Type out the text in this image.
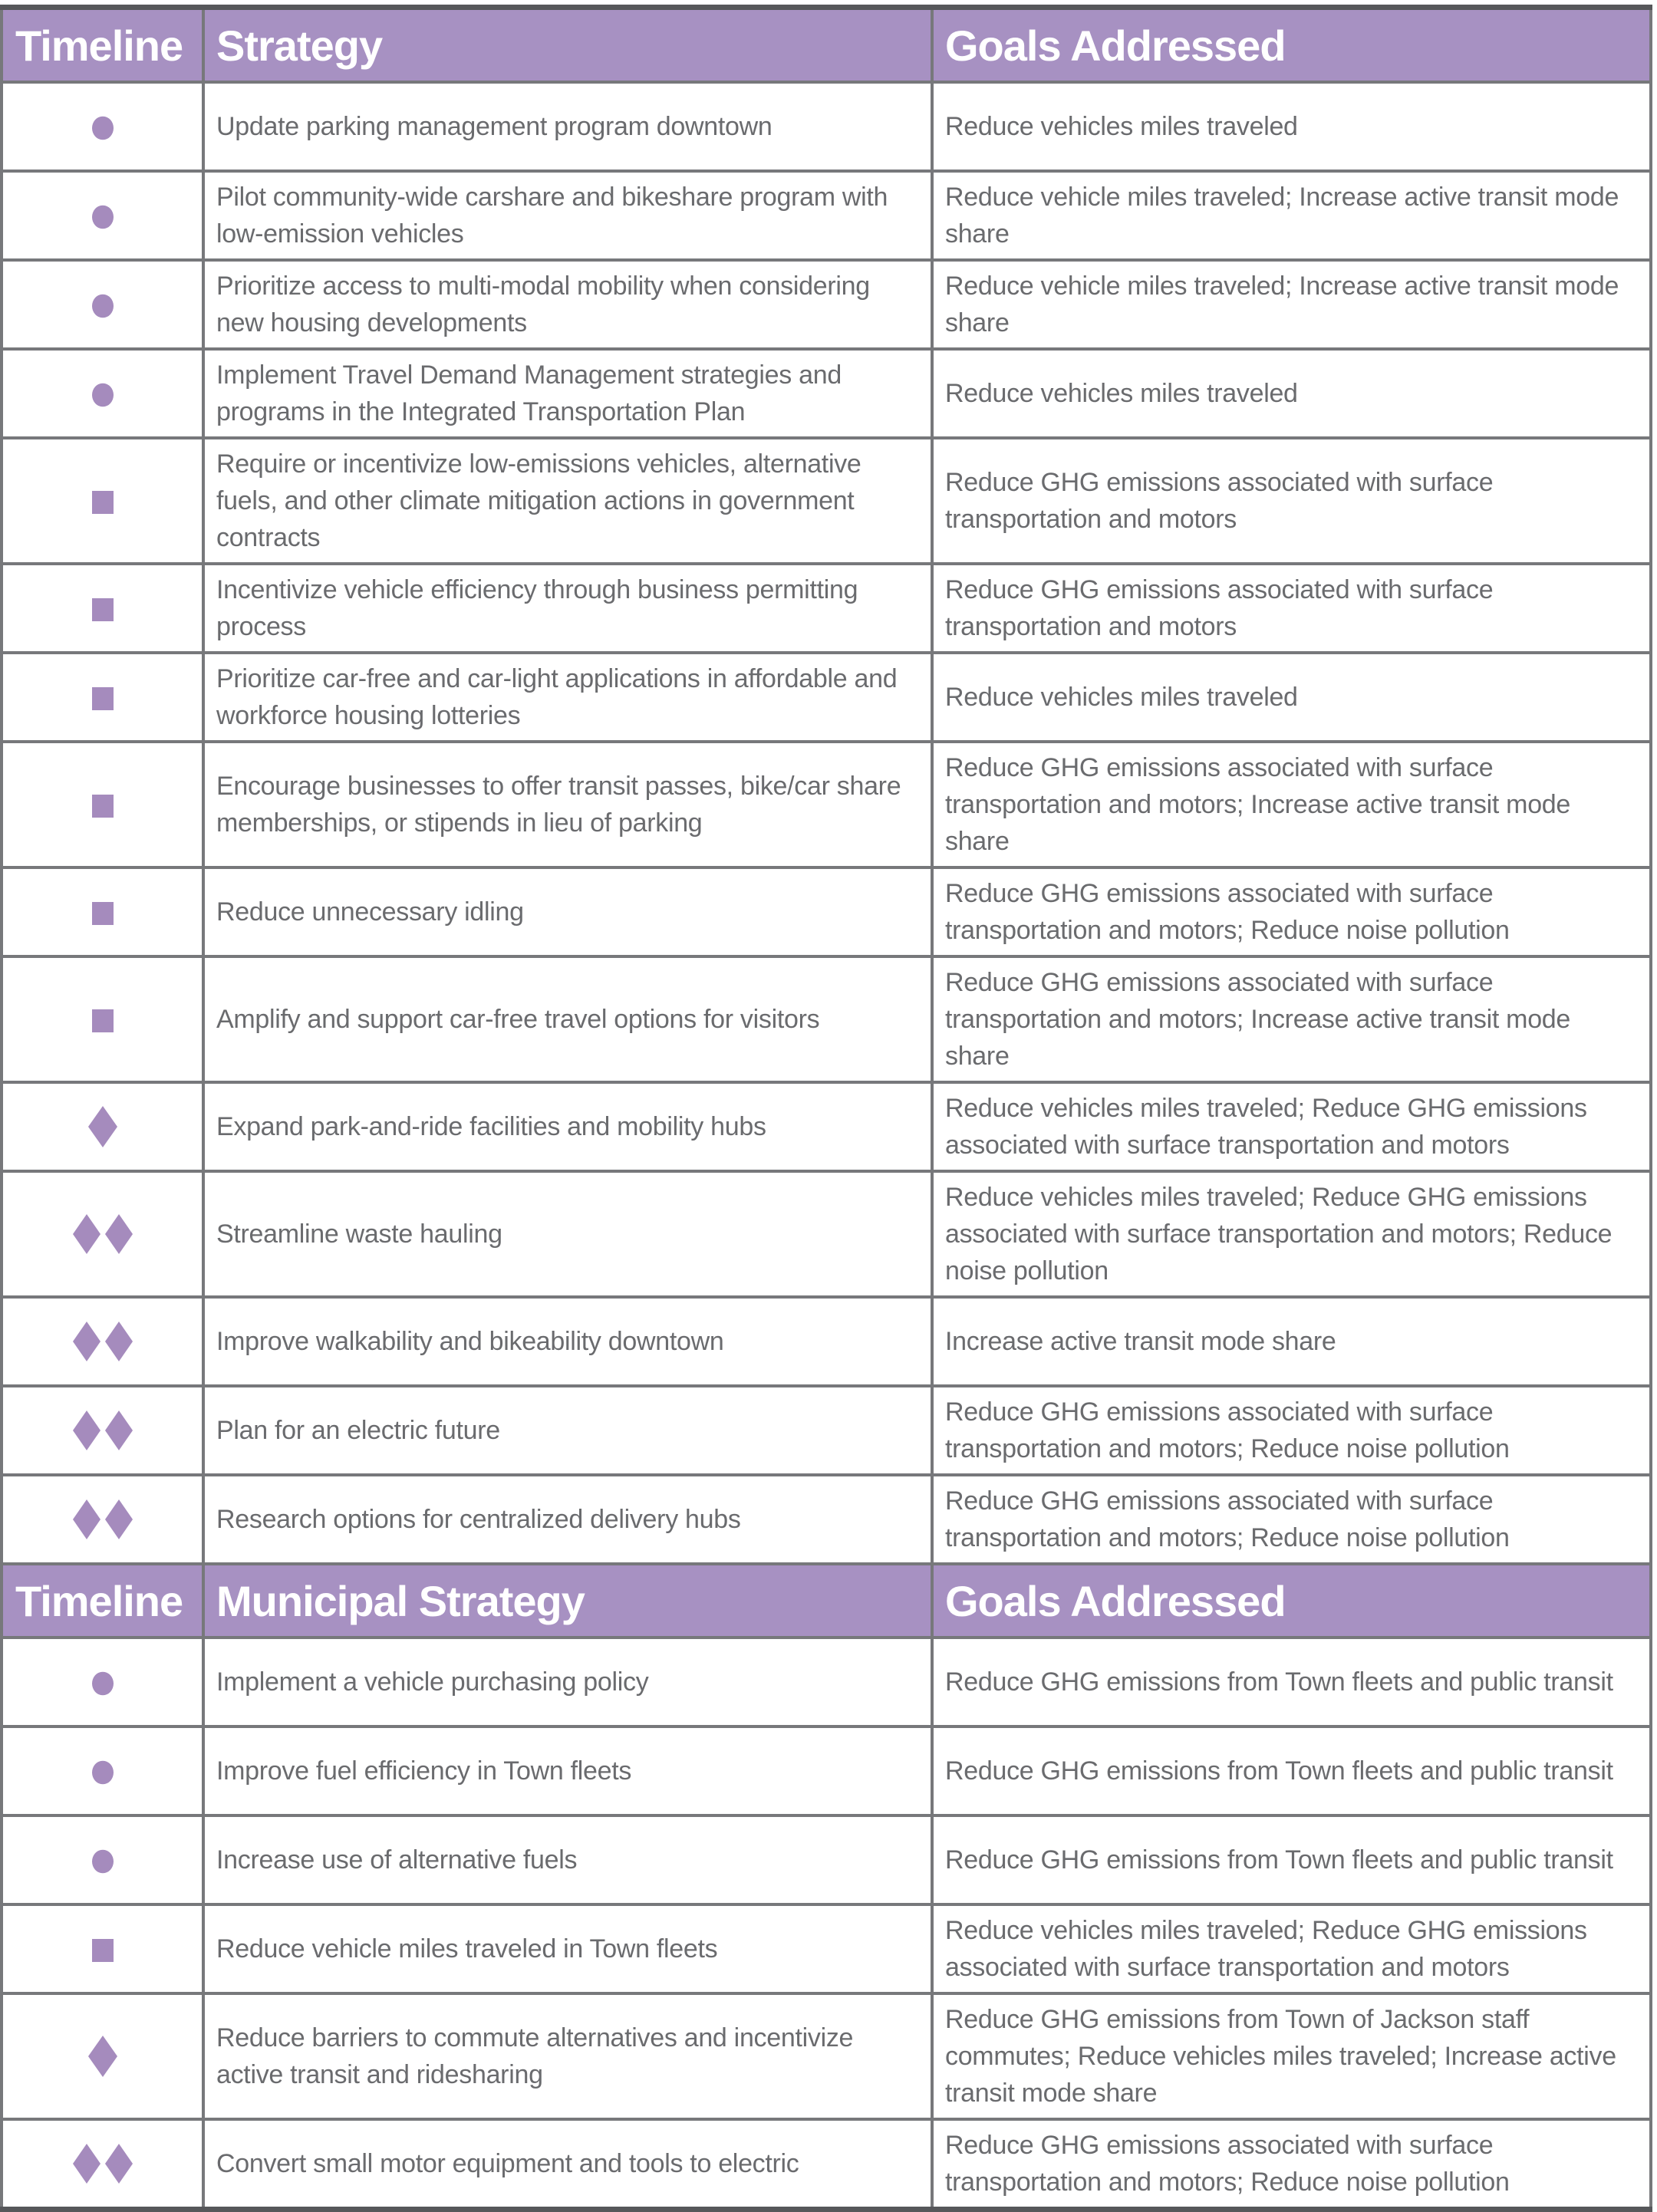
Timeline	Strategy	Goals Addressed

	Update parking management program downtown	Reduce vehicles miles traveled

	Pilot community-wide carshare and bikeshare program with low-emission vehicles	Reduce vehicle miles traveled; Increase active transit mode share

	Prioritize access to multi-modal mobility when considering new housing developments	Reduce vehicle miles traveled; Increase active transit mode share

	Implement Travel Demand Management strategies and programs in the Integrated Transportation Plan	Reduce vehicles miles traveled

	Require or incentivize low-emissions vehicles, alternative fuels, and other climate mitigation actions in government contracts	Reduce GHG emissions associated with surface transportation and motors

	Incentivize vehicle efficiency through business permitting process	Reduce GHG emissions associated with surface transportation and motors

	Prioritize car-free and car-light applications in affordable and workforce housing lotteries	Reduce vehicles miles traveled

	Encourage businesses to offer transit passes, bike/car share memberships, or stipends in lieu of parking	Reduce GHG emissions associated with surface transportation and motors; Increase active transit mode share

	Reduce unnecessary idling	Reduce GHG emissions associated with surface transportation and motors; Reduce noise pollution

	Amplify and support car-free travel options for visitors	Reduce GHG emissions associated with surface transportation and motors; Increase active transit mode share

	Expand park-and-ride facilities and mobility hubs	Reduce vehicles miles traveled; Reduce GHG emissions associated with surface transportation and motors

	Streamline waste hauling	Reduce vehicles miles traveled; Reduce GHG emissions associated with surface transportation and motors; Reduce noise pollution

	Improve walkability and bikeability downtown	Increase active transit mode share

	Plan for an electric future	Reduce GHG emissions associated with surface transportation and motors; Reduce noise pollution

	Research options for centralized delivery hubs	Reduce GHG emissions associated with surface transportation and motors; Reduce noise pollution
Timeline	Municipal Strategy	Goals Addressed

	Implement a vehicle purchasing policy	Reduce GHG emissions from Town fleets and public transit

	Improve fuel efficiency in Town fleets	Reduce GHG emissions from Town fleets and public transit

	Increase use of alternative fuels	Reduce GHG emissions from Town fleets and public transit

	Reduce vehicle miles traveled in Town fleets	Reduce vehicles miles traveled; Reduce GHG emissions associated with surface transportation and motors

	Reduce barriers to commute alternatives and incentivize active transit and ridesharing	Reduce GHG emissions from Town of Jackson staff commutes; Reduce vehicles miles traveled; Increase active transit mode share

	Convert small motor equipment and tools to electric	Reduce GHG emissions associated with surface transportation and motors; Reduce noise pollution
